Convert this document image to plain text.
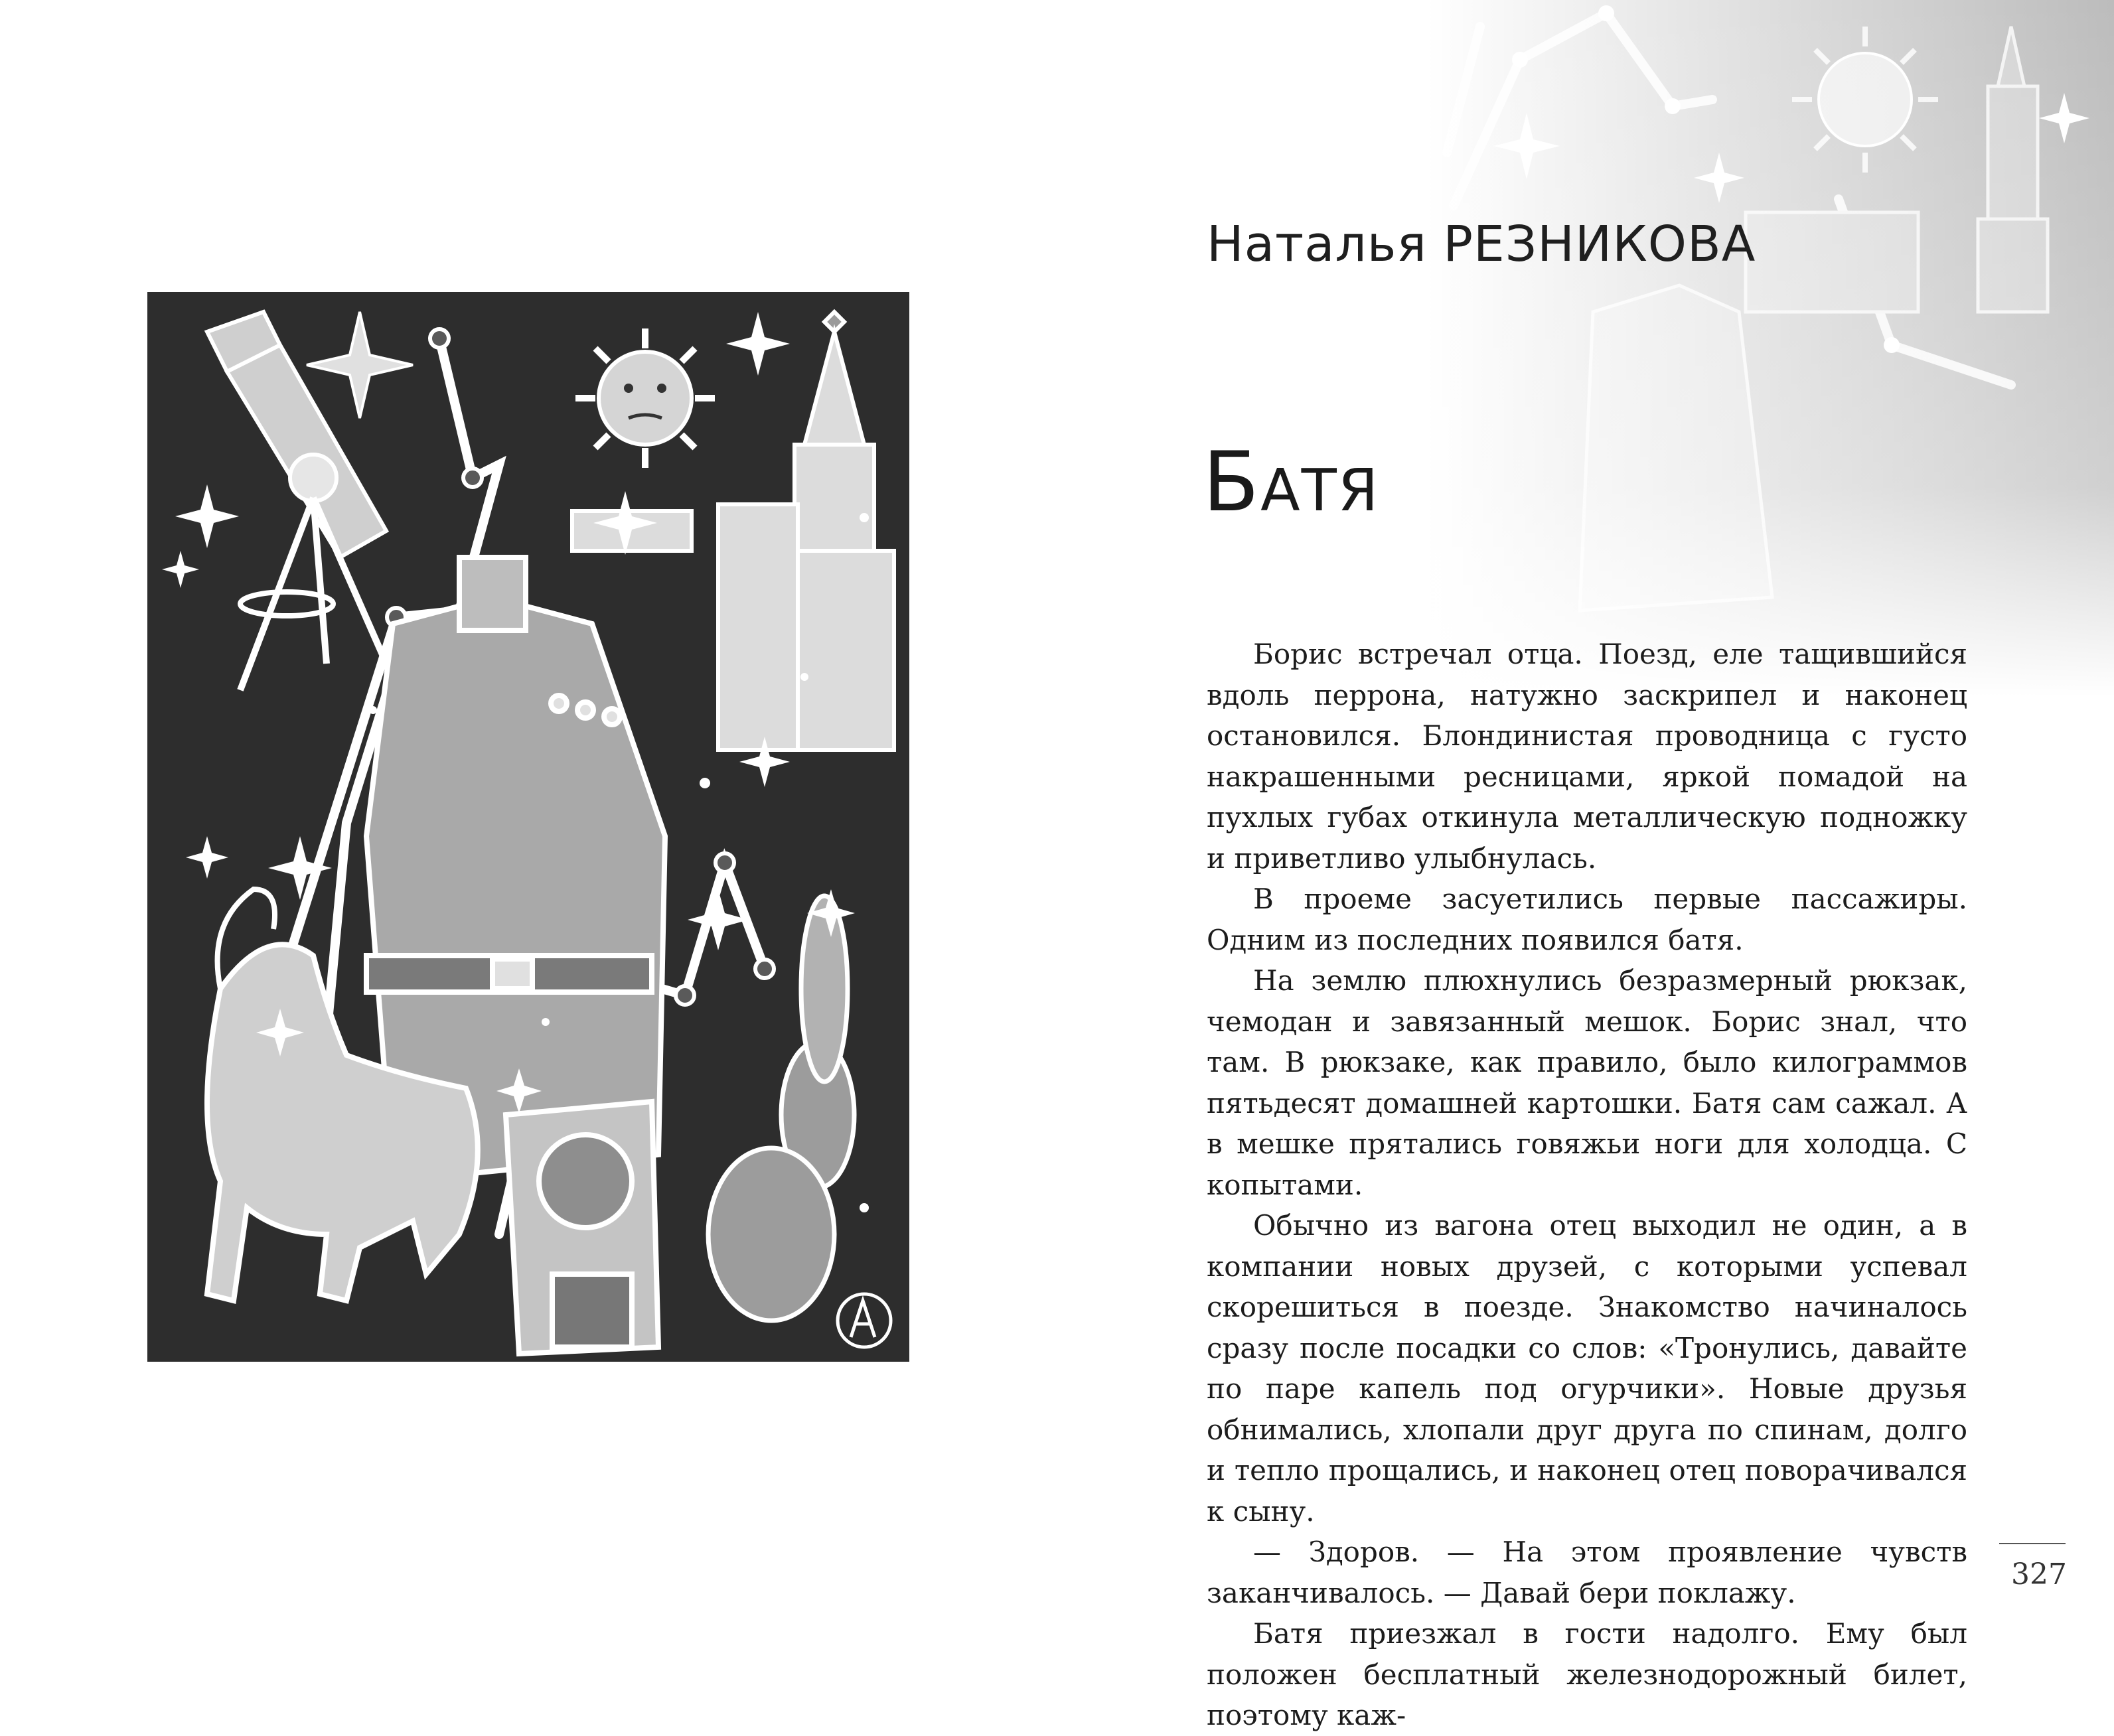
Наталья РЕЗНИКОВА
Батя

Борис встречал отца. Поезд, еле тащившийся вдоль перрона, натужно заскрипел и наконец остановился. Блондинистая проводница с густо накрашенными ресницами, яркой помадой на пухлых губах откинула металлическую подножку и приветливо улыбнулась.

В проеме засуетились первые пассажиры. Одним из последних появился батя.

На землю плюхнулись безразмерный рюкзак, чемодан и завязанный мешок. Борис знал, что там. В рюкзаке, как правило, было килограммов пятьдесят домашней картошки. Батя сам сажал. А в мешке прятались говяжьи ноги для холодца. С копытами.

Обычно из вагона отец выходил не один, а в компании новых друзей, с которыми успевал скорешиться в поезде. Знакомство начиналось сразу после посадки со слов: «Тронулись, давайте по паре капель под огурчики». Новые друзья обнимались, хлопали друг друга по спинам, долго и тепло прощались, и наконец отец поворачивался к сыну.

— Здоров. — На этом проявление чувств заканчивалось. — Давай бери поклажу.

Батя приезжал в гости надолго. Ему был положен бесплатный железнодорожный билет, поэтому каж-

327
